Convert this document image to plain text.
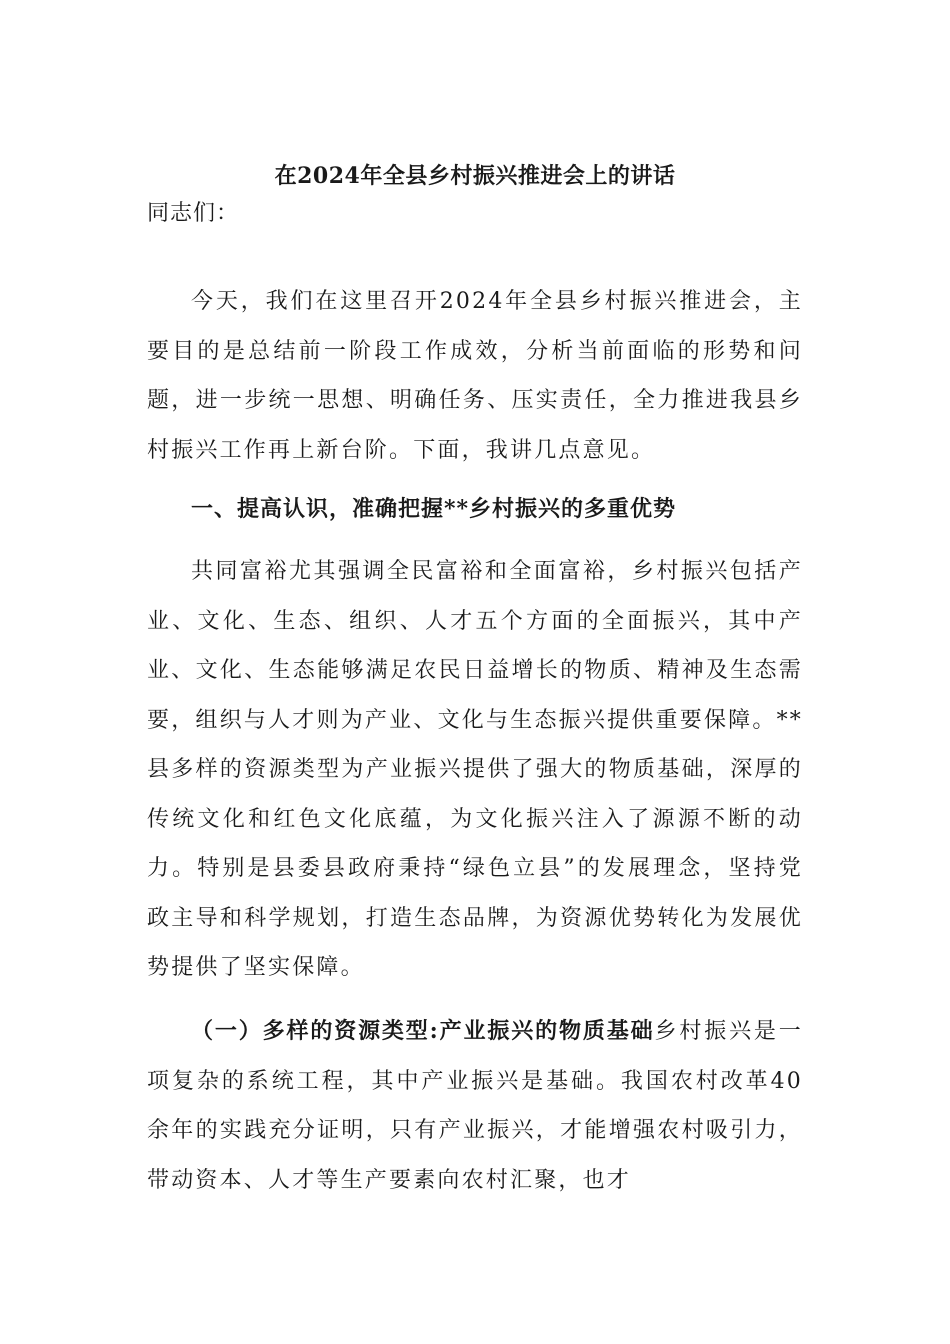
在2024年全县乡村振兴推进会上的讲话
同志们：

今天，我们在这里召开2024年全县乡村振兴推进会，主要目的是总结前一阶段工作成效，分析当前面临的形势和问题，进一步统一思想、明确任务、压实责任，全力推进我县乡村振兴工作再上新台阶。下面，我讲几点意见。

一、提高认识，准确把握**乡村振兴的多重优势

共同富裕尤其强调全民富裕和全面富裕，乡村振兴包括产业、文化、生态、组织、人才五个方面的全面振兴，其中产业、文化、生态能够满足农民日益增长的物质、精神及生态需要，组织与人才则为产业、文化与生态振兴提供重要保障。**县多样的资源类型为产业振兴提供了强大的物质基础，深厚的传统文化和红色文化底蕴，为文化振兴注入了源源不断的动力。特别是县委县政府秉持“绿色立县”的发展理念，坚持党政主导和科学规划，打造生态品牌，为资源优势转化为发展优势提供了坚实保障。

（一）多样的资源类型:产业振兴的物质基础乡村振兴是一项复杂的系统工程，其中产业振兴是基础。我国农村改革40余年的实践充分证明，只有产业振兴，才能增强农村吸引力，带动资本、人才等生产要素向农村汇聚，也才
